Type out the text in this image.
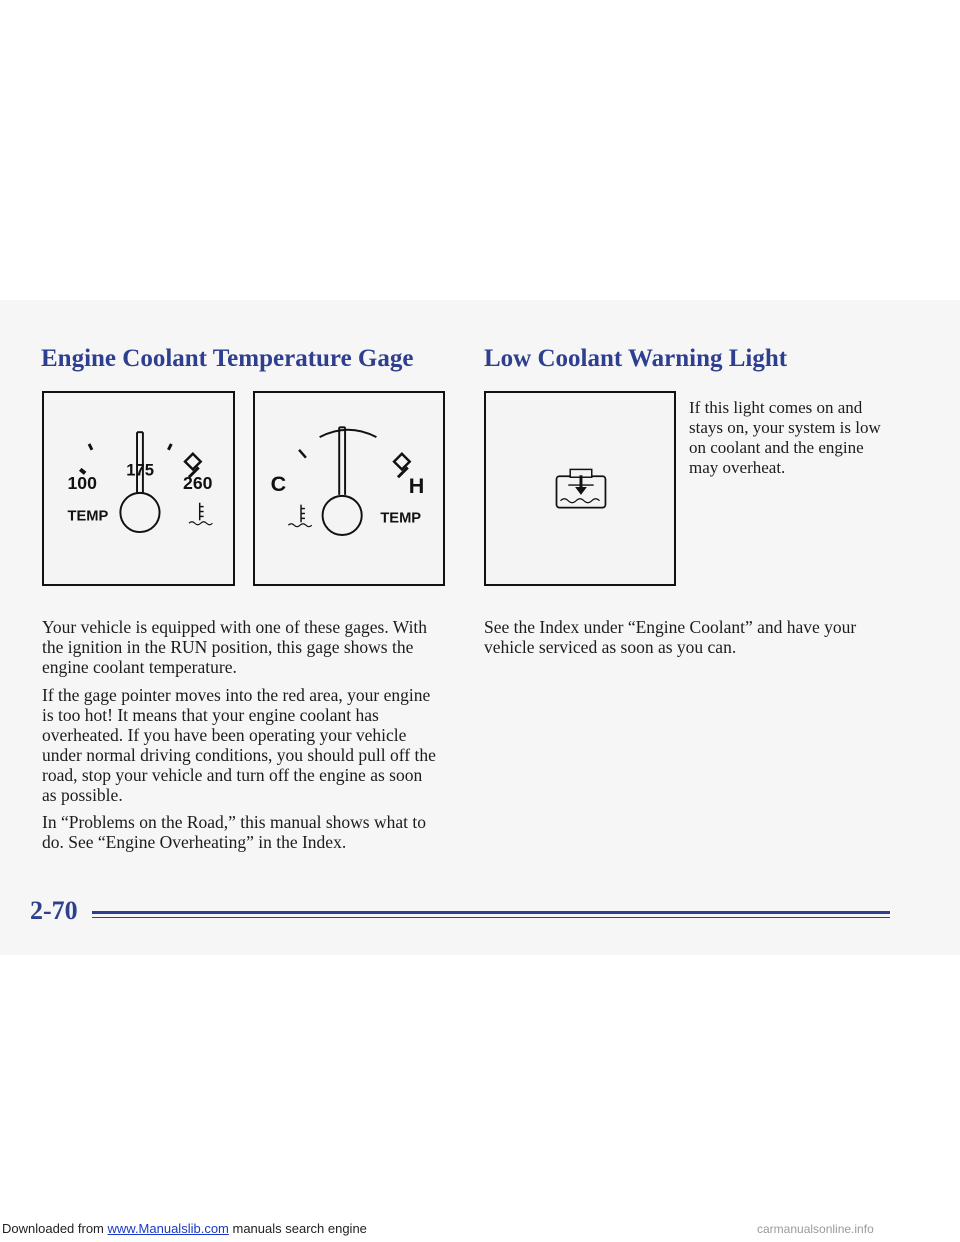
Engine Coolant Temperature Gage
175
100	260
TEMP
C	H
TEMP

Your vehicle is equipped with one of these gages. With
the ignition in the RUN position, this gage shows the
engine coolant temperature.

If the gage pointer moves into the red area, your engine
is too hot! It means that your engine coolant has
overheated. If you have been operating your vehicle
under normal driving conditions, you should pull off the
road, stop your vehicle and turn off the engine as soon
as possible.

In “Problems on the Road,” this manual shows what to
do. See “Engine Overheating” in the Index.

Low Coolant Warning Light

If this light comes on and
stays on, your system is low
on coolant and the engine
may overheat.

See the Index under “Engine Coolant” and have your
vehicle serviced as soon as you can.

2-70
Downloaded from www.Manualslib.com manuals search engine	carmanualsonline.info
